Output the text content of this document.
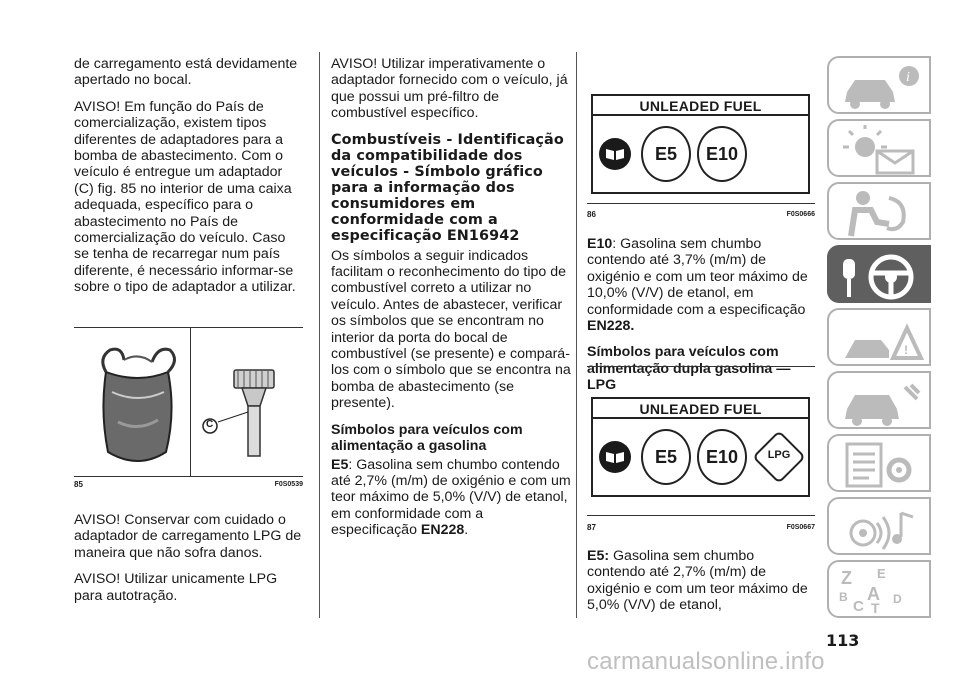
de carregamento está devidamente apertado no bocal.

AVISO! Em função do País de comercialização, existem tipos diferentes de adaptadores para a bomba de abastecimento. Com o veículo é entregue um adaptador (C) fig. 85 no interior de uma caixa adequada, específico para o abastecimento no País de comercialização do veículo. Caso se tenha de recarregar num país diferente, é necessário informar-se sobre o tipo de adaptador a utilizar.

C
85	F0S0539

AVISO! Conservar com cuidado o adaptador de carregamento LPG de maneira que não sofra danos.

AVISO! Utilizar unicamente LPG para autotração.

AVISO! Utilizar imperativamente o adaptador fornecido com o veículo, já que possui um pré-filtro de combustível específico.

Combustíveis - Identificação da compatibilidade dos veículos - Símbolo gráfico para a informação dos consumidores em conformidade com a especificação EN16942

Os símbolos a seguir indicados facilitam o reconhecimento do tipo de combustível correto a utilizar no veículo. Antes de abastecer, verificar os símbolos que se encontram no interior da porta do bocal de combustível (se presente) e compará-los com o símbolo que se encontra na bomba de abastecimento (se presente).

Símbolos para veículos com alimentação a gasolina

E5: Gasolina sem chumbo contendo até 2,7% (m/m) de oxigénio e com um teor máximo de 5,0% (V/V) de etanol, em conformidade com a especificação EN228.

UNLEADED FUEL
E5	E10
86	F0S0666

E10: Gasolina sem chumbo contendo até 3,7% (m/m) de oxigénio e com um teor máximo de 10,0% (V/V) de etanol, em conformidade com a especificação EN228.

Símbolos para veículos com alimentação dupla gasolina — LPG
UNLEADED FUEL
E5	E10	LPG
87	F0S0667

E5: Gasolina sem chumbo contendo até 2,7% (m/m) de oxigénio e com um teor máximo de 5,0% (V/V) de etanol,

i
!
Z E
A
B	D
C T
113
carmanualsonline.info
